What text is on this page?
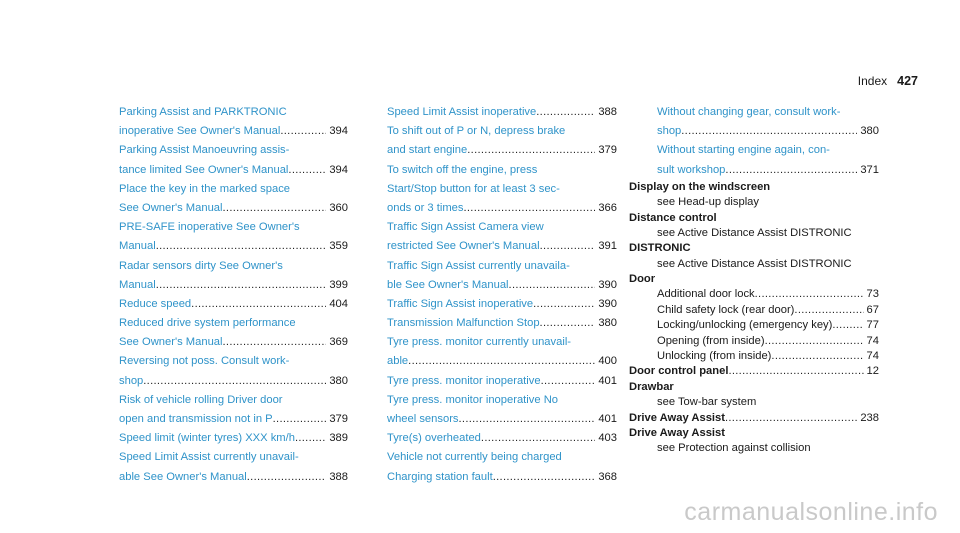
Index 427
Parking Assist and PARKTRONIC
inoperative See Owner's Manual .....	394
Parking Assist Manoeuvring assis-
tance limited See Owner's Manual .....	394
Place the key in the marked space
See Owner's Manual .....	360
PRE-SAFE inoperative See Owner's
Manual .....	359
Radar sensors dirty See Owner's
Manual .....	399
Reduce speed .....	404
Reduced drive system performance
See Owner's Manual .....	369
Reversing not poss. Consult work-
shop .....	380
Risk of vehicle rolling Driver door
open and transmission not in P .....	379
Speed limit (winter tyres) XXX km/h .....	389
Speed Limit Assist currently unavail-
able See Owner's Manual .....	388
Speed Limit Assist inoperative .....	388
To shift out of P or N, depress brake
and start engine .....	379
To switch off the engine, press
Start/Stop button for at least 3 sec-
onds or 3 times .....	366
Traffic Sign Assist Camera view
restricted See Owner's Manual .....	391
Traffic Sign Assist currently unavaila-
ble See Owner's Manual .....	390
Traffic Sign Assist inoperative .....	390
Transmission Malfunction Stop .....	380
Tyre press. monitor currently unavail-
able .....	400
Tyre press. monitor inoperative .....	401
Tyre press. monitor inoperative No
wheel sensors .....	401
Tyre(s) overheated .....	403
Vehicle not currently being charged
Charging station fault .....	368
Without changing gear, consult work-
shop .....	380
Without starting engine again, con-
sult workshop .....	371
Display on the windscreen
see Head-up display
Distance control
see Active Distance Assist DISTRONIC
DISTRONIC
see Active Distance Assist DISTRONIC
Door
Additional door lock .....	73
Child safety lock (rear door) .....	67
Locking/unlocking (emergency key) .....	77
Opening (from inside) .....	74
Unlocking (from inside) .....	74
Door control panel .....	12
Drawbar
see Tow-bar system
Drive Away Assist .....	238
Drive Away Assist
see Protection against collision
carmanualsonline.info
